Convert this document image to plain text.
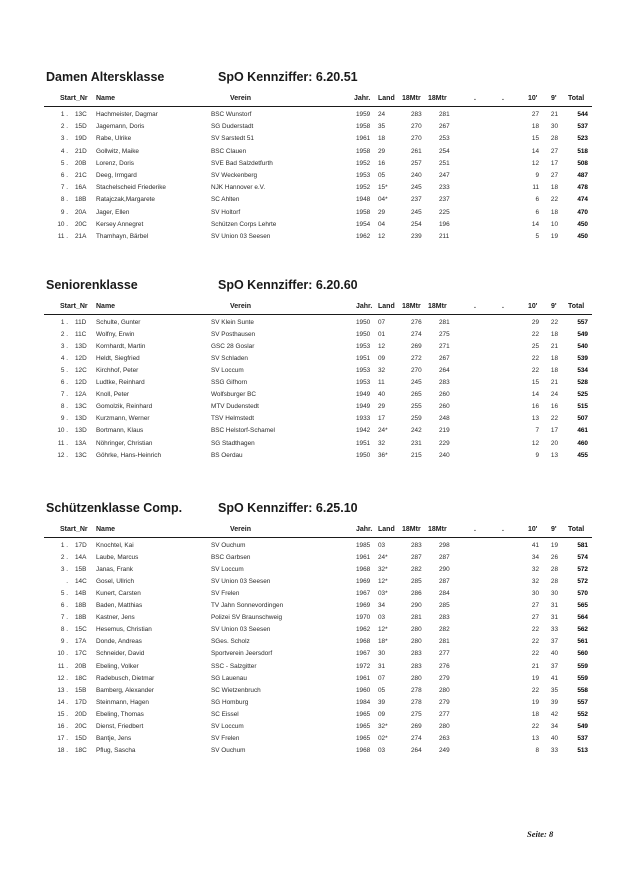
Damen Altersklasse	SpO Kennziffer: 6.20.51
Start_Nr Name	Verein	Jahr. Land 18Mtr 18Mtr	.	.	10' 9' Total
1 . 13C Hachmeister, Dagmar	BSC Wunstorf	1959 24	283	281	27	21	544
2 . 15D Jagemann, Doris	SG Duderstadt	1958 35	270	267	18	30	537
3 . 19D Rabe, Ulrike	SV Sarstedt 51	1961 18	270	253	15	28	523
4 . 21D Gollwitz, Maike	BSC Clauen	1958 29	261	254	14	27	518
5 . 20B Lorenz, Doris	SVE Bad Salzdetfurth	1952 16	257	251	12	17	508
6 . 21C Deeg, Irmgard	SV Weckenberg	1953 05	240	247	9	27	487
7 . 16A Stachelscheid Friederike	NJK Hannover e.V.	1952 15*	245	233	11	18	478
8 . 18B Ratajczak,Margarete	SC Ahlten	1948 04*	237	237	6	22	474
9 . 20A Jager, Ellen	SV Holtorf	1958 29	245	225	6	18	470
10 . 20C Kersey Annegret	Schützen Corps Lehrte	1954 04	254	196	14	10	450
11 . 21A Thamhayn, Bärbel	SV Union 03 Seesen	1962 12	239	211	5	19	450
Seniorenklasse	SpO Kennziffer: 6.20.60
Start_Nr Name	Verein	Jahr. Land 18Mtr 18Mtr	.	.	10' 9' Total
1 . 11D Schulte, Gunter	SV Klein Sunte	1950 07	276	281	29	22	557
2 . 11C Wolfny, Erwin	SV Posthausen	1950 01	274	275	22	18	549
3 . 13D Kornhardt, Martin	GSC 28 Goslar	1953 12	269	271	25	21	540
4 . 12D Heldt, Siegfried	SV Schladen	1951 09	272	267	22	18	539
5 . 12C Kirchhof, Peter	SV Loccum	1953 32	270	264	22	18	534
6 . 12D Ludtke, Reinhard	SSG Gifhorn	1953 11	245	283	15	21	528
7 . 12A Knoll, Peter	Wolfsburger BC	1949 40	265	260	14	24	525
8 . 13C Gomolzik, Reinhard	MTV Dudenstedt	1949 29	255	260	16	16	515
9 . 13D Kurzmann, Werner	TSV Helmstedt	1933 17	259	248	13	22	507
10 . 13D Bortmann, Klaus	BSC Helstorf-Schamel	1942 24*	242	219	7	17	461
11 . 13A Nöhringer, Christian	SG Stadthagen	1951 32	231	229	12	20	460
12 . 13C Göhrke, Hans-Heinrich	BS Oerdau	1950 36*	215	240	9	13	455
Schützenklasse Comp.	SpO Kennziffer: 6.25.10
Start_Nr Name	Verein	Jahr. Land 18Mtr 18Mtr	.	.	10' 9' Total
1 . 17D Knochtel, Kai	SV Ouchum	1985 03	283	298	41	19	581
2 . 14A Laube, Marcus	BSC Garbsen	1961 24*	287	287	34	26	574
3 . 15B Janas, Frank	SV Loccum	1968 32*	282	290	32	28	572
. 14C Gosel, Ullrich	SV Union 03 Seesen	1969 12*	285	287	32	28	572
5 . 14B Kunert, Carsten	SV Frelen	1967 03*	286	284	30	30	570
6 . 18B Baden, Matthias	TV Jahn Sonnevordingen	1969 34	290	285	27	31	565
7 . 18B Kastner, Jens	Polizei SV Braunschweig	1970 03	281	283	27	31	564
8 . 15C Hesemus, Christian	SV Union 03 Seesen	1962 12*	280	282	22	33	562
9 . 17A Donde, Andreas	SGes. Scholz	1968 18*	280	281	22	37	561
10 . 17C Schneider, David	Sportverein Jeersdorf	1967 30	283	277	22	40	560
11 . 20B Ebeling, Volker	SSC - Salzgitter	1972 31	283	276	21	37	559
12 . 18C Radebusch, Dietmar	SG Lauenau	1961 07	280	279	19	41	559
13 . 15B Bamberg, Alexander	SC Wietzenbruch	1960 05	278	280	22	35	558
14 . 17D Steinmann, Hagen	SG Homburg	1984 39	278	279	19	39	557
15 . 20D Ebeling, Thomas	SC Eissel	1965 09	275	277	18	42	552
16 . 20C Dienst, Friedbert	SV Loccum	1965 32*	269	280	22	34	549
17 . 15D Bantje, Jens	SV Frelen	1965 02*	274	263	13	40	537
18 . 18C Pflug, Sascha	SV Ouchum	1968 03	264	249	8	33	513
Seite: 8
